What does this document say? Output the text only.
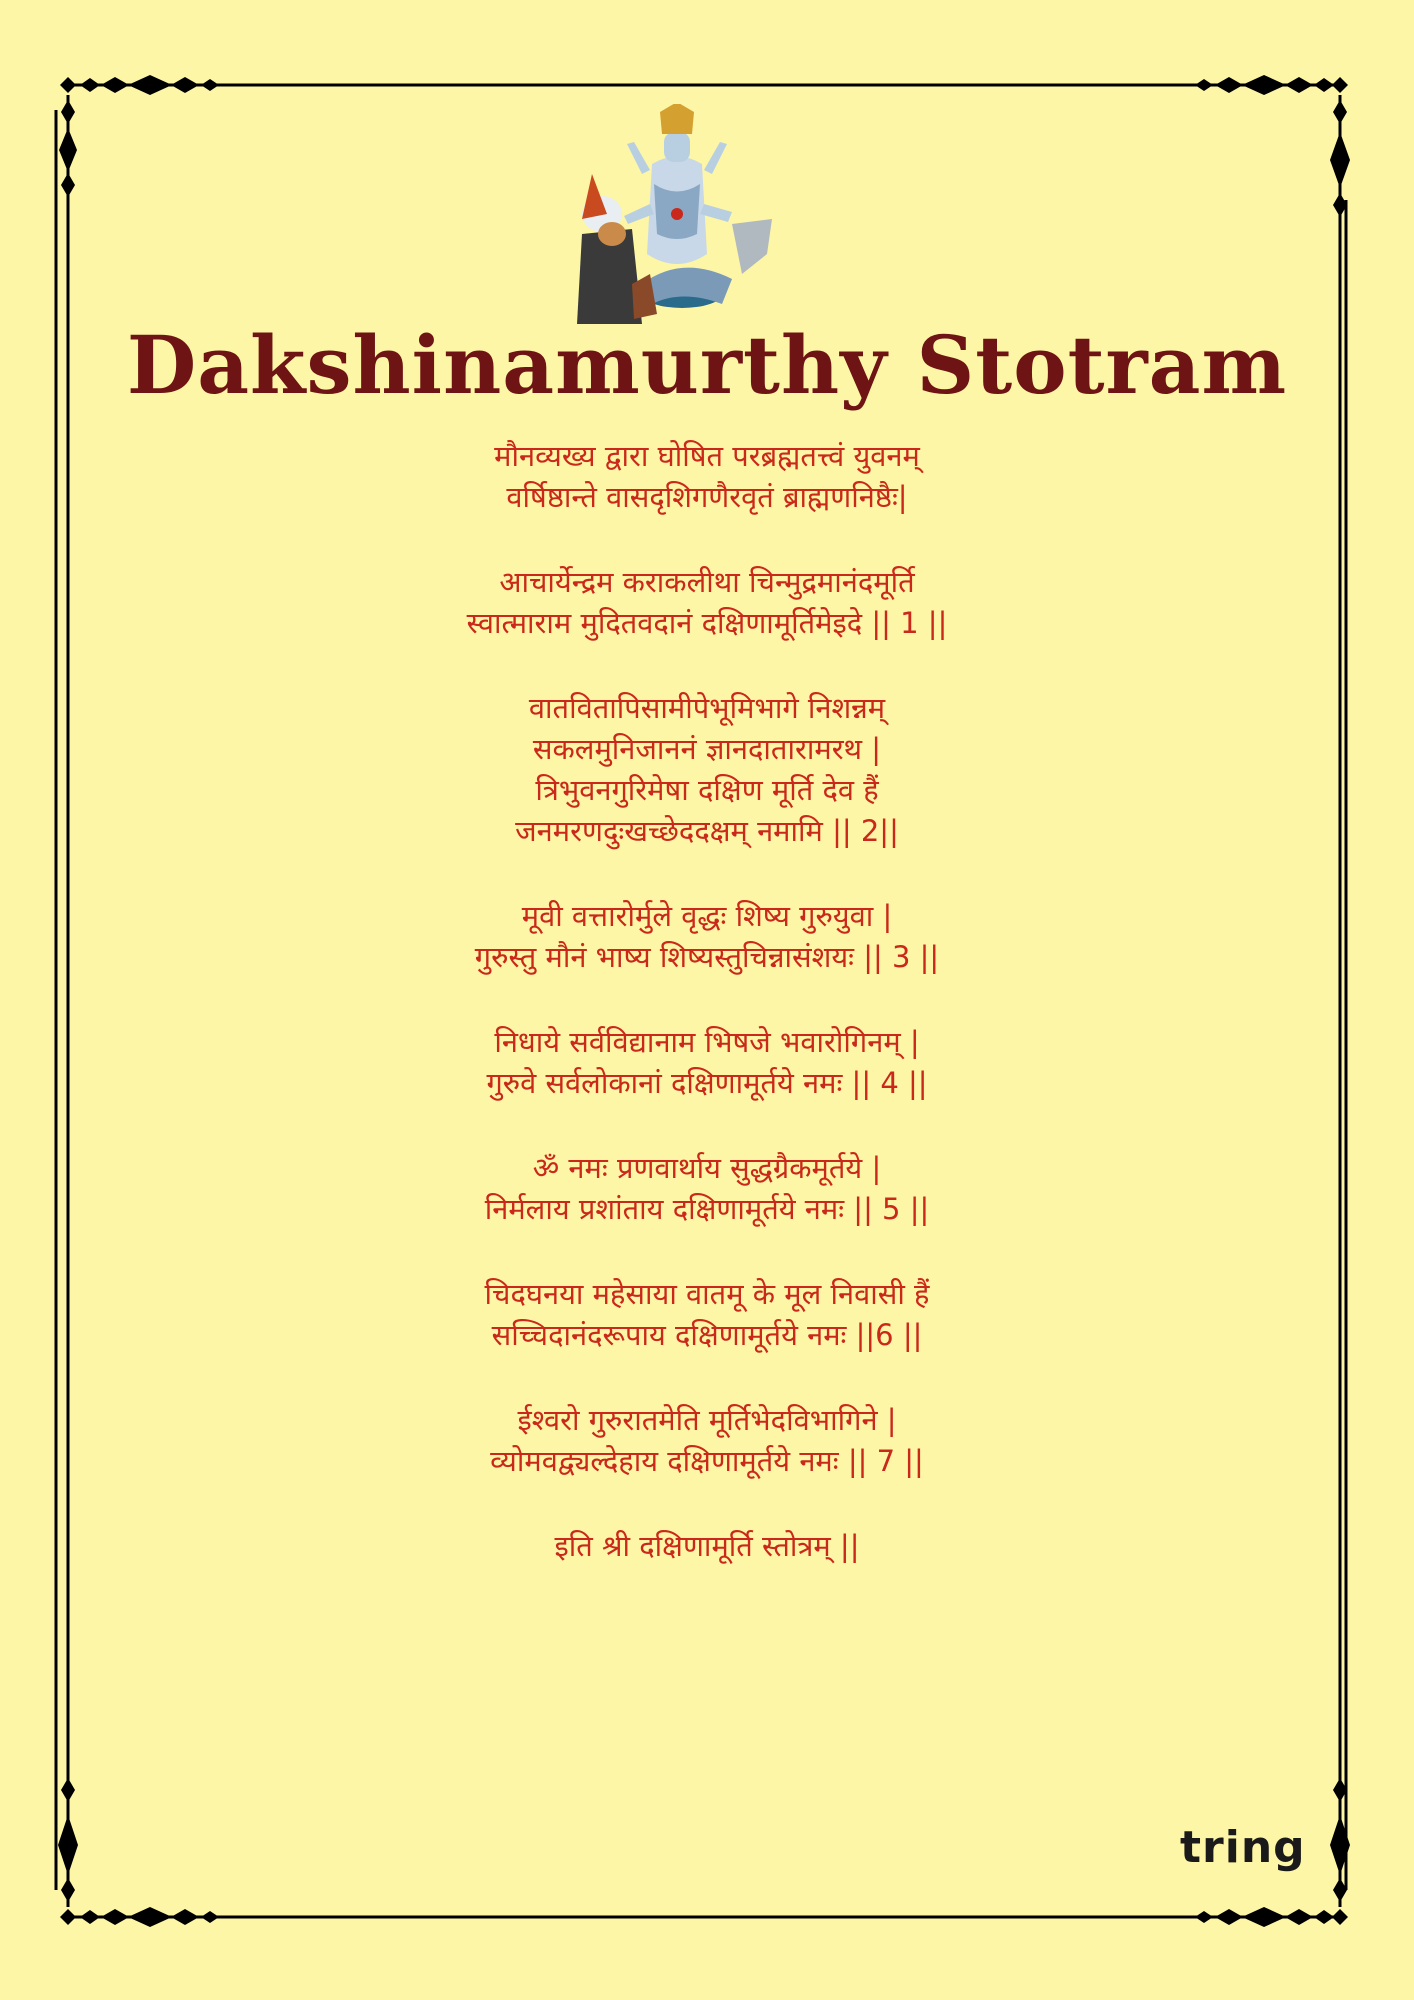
Dakshinamurthy Stotram
मौनव्यख्य द्वारा घोषित परब्रह्मतत्त्वं युवनम्
वर्षिष्ठान्ते वासदृशिगणैरवृतं ब्राह्मणनिष्ठैः|
आचार्येन्द्रम कराकलीथा चिन्मुद्रमानंदमूर्ति
स्वात्माराम मुदितवदानं दक्षिणामूर्तिमेइदे || 1 ||
वातवितापिसामीपेभूमिभागे निशन्नम्
सकलमुनिजाननं ज्ञानदातारामरथ |
त्रिभुवनगुरिमेषा दक्षिण मूर्ति देव हैं
जनमरणदुःखच्छेददक्षम् नमामि || 2||
मूवी वत्तारोर्मुले वृद्धः शिष्य गुरुयुवा |
गुरुस्तु मौनं भाष्य शिष्यस्तुचिन्नासंशयः || 3 ||
निधाये सर्वविद्यानाम भिषजे भवारोगिनम् |
गुरुवे सर्वलोकानां दक्षिणामूर्तये नमः || 4 ||
ॐ नमः प्रणवार्थाय सुद्धग्रैकमूर्तये |
निर्मलाय प्रशांताय दक्षिणामूर्तये नमः || 5 ||
चिदघनया महेसाया वातमू के मूल निवासी हैं
सच्चिदानंदरूपाय दक्षिणामूर्तये नमः ||6 ||
ईश्वरो गुरुरातमेति मूर्तिभेदविभागिने |
व्योमवद्व्यल्देहाय दक्षिणामूर्तये नमः || 7 ||
इति श्री दक्षिणामूर्ति स्तोत्रम् ||
tring
